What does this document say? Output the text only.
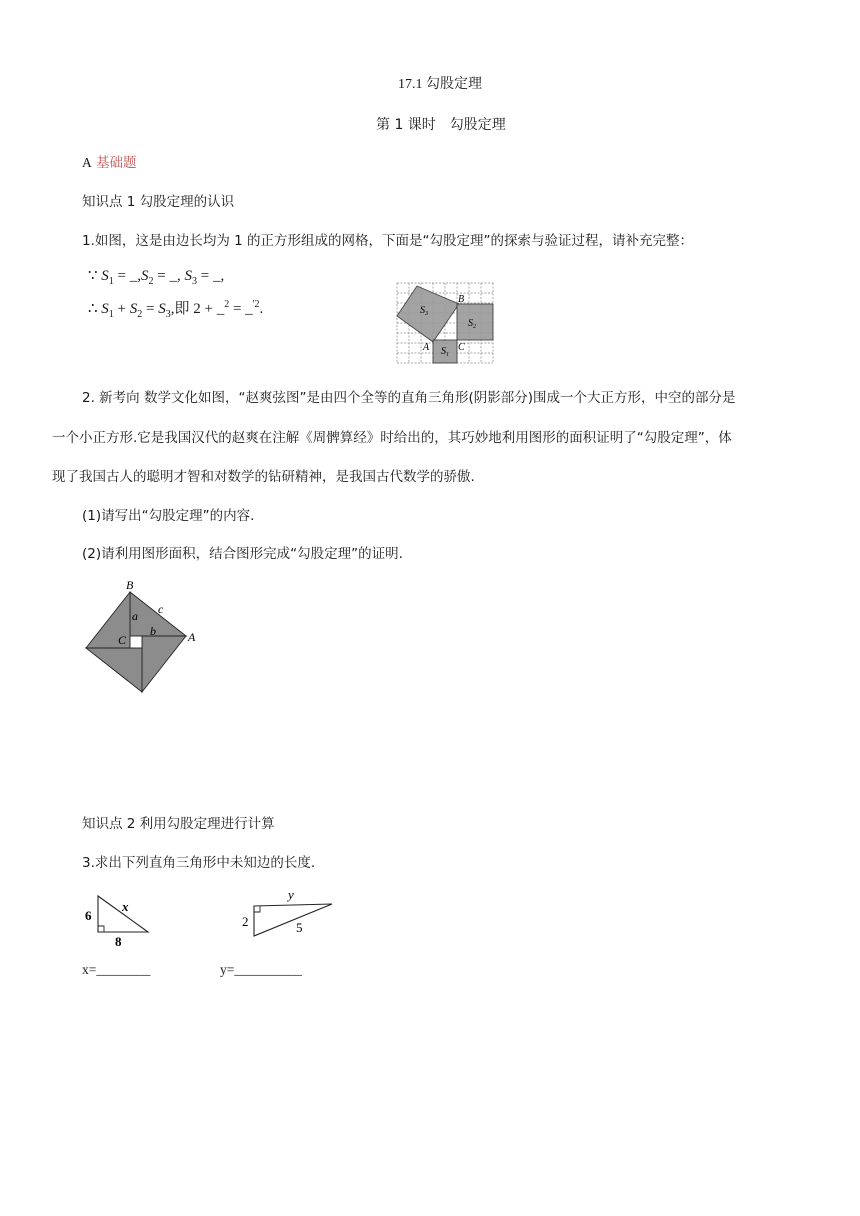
17.1 勾股定理
第 1 课时　勾股定理
A 基础题
知识点 1 勾股定理的认识
1.如图，这是由边长均为 1 的正方形组成的网格，下面是“勾股定理”的探索与验证过程，请补充完整：
∵ $S_1$ = $\_,S_2$ = _, $S_3$ = _,
∴ $S_1 + S_2 = S_3$,即 2 + _$^2$ = _$^{'2}$.	$S_3$
$S_2$
$S_1$
A
B
C
2. 新考向 数学文化如图，“赵爽弦图”是由四个全等的直角三角形(阴影部分)围成一个大正方形，中空的部分是
一个小正方形.它是我国汉代的赵爽在注解《周髀算经》时给出的，其巧妙地利用图形的面积证明了“勾股定理”，体
现了我国古人的聪明才智和对数学的钻研精神，是我国古代数学的骄傲.
(1)请写出“勾股定理”的内容.
(2)请利用图形面积，结合图形完成“勾股定理”的证明.
B
A
C
a
b
c
知识点 2 利用勾股定理进行计算
3.求出下列直角三角形中未知边的长度.
6
8
x
2	5
y
x=________	y=__________
